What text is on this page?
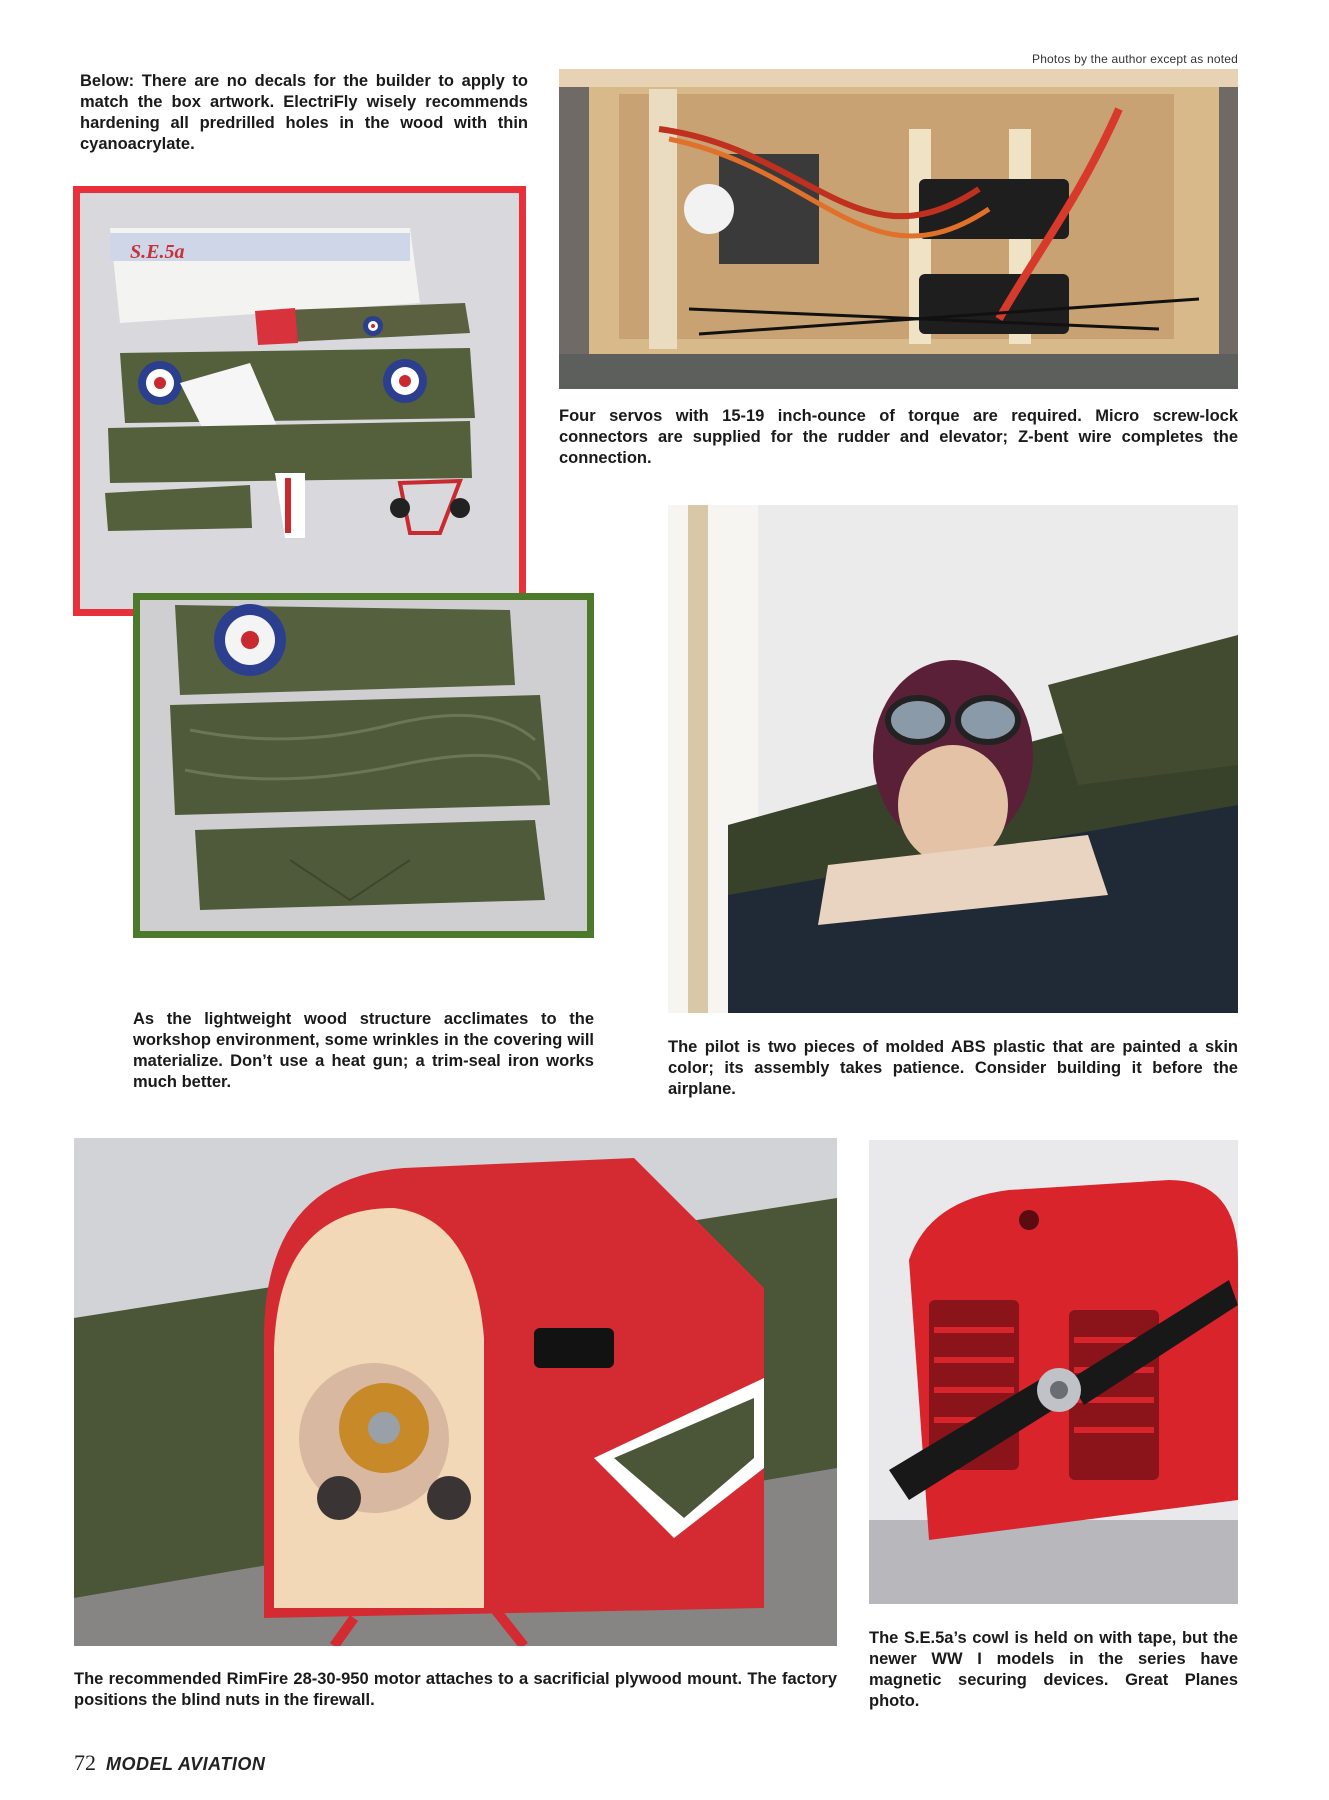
Photos by the author except as noted

Below: There are no decals for the builder to apply to match the box artwork. ElectriFly wisely recommends hardening all predrilled holes in the wood with thin cyanoacrylate.

Four servos with 15-19 inch-ounce of torque are required. Micro screw-lock connectors are supplied for the rudder and elevator; Z-bent wire completes the connection.

S.E.5a

As the lightweight wood structure acclimates to the workshop environment, some wrinkles in the covering will materialize. Don’t use a heat gun; a trim-seal iron works much better.

The pilot is two pieces of molded ABS plastic that are painted a skin color; its assembly takes patience. Consider building it before the airplane.

The recommended RimFire 28-30-950 motor attaches to a sacrificial plywood mount. The factory positions the blind nuts in the firewall.

The S.E.5a’s cowl is held on with tape, but the newer WW I models in the series have magnetic securing devices. Great Planes photo.

72 MODEL AVIATION
